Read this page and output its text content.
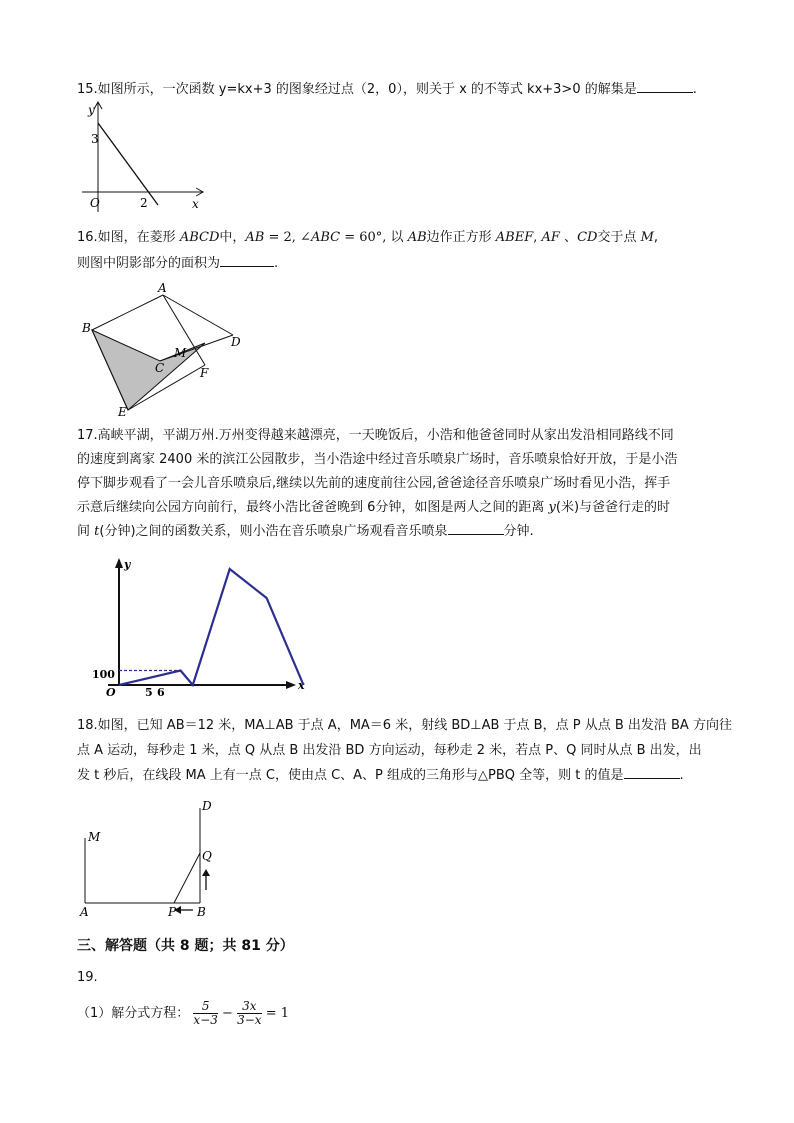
15.如图所示，一次函数 y=kx+3 的图象经过点（2，0），则关于 x 的不等式 kx+3>0 的解集是	.
y
3
O	2	x
16.如图，在菱形 ABCD中，AB = 2, ∠ABC = 60°, 以 AB边作正方形 ABEF, AF 、CD交于点 M,
则图中阴影部分的面积为	.
A
B
C
D
E
F
M
17.高峡平湖，平湖万州.万州变得越来越漂亮，一天晚饭后，小浩和他爸爸同时从家出发沿相同路线不同
的速度到离家 2400 米的滨江公园散步，当小浩途中经过音乐喷泉广场时，音乐喷泉恰好开放，于是小浩
停下脚步观看了一会儿音乐喷泉后,继续以先前的速度前往公园,爸爸途径音乐喷泉广场时看见小浩，挥手
示意后继续向公园方向前行，最终小浩比爸爸晚到 6分钟，如图是两人之间的距离 y(米)与爸爸行走的时
间 t(分钟)之间的函数关系，则小浩在音乐喷泉广场观看音乐喷泉	分钟.
y
x
O
100
5 6
18.如图，已知 AB＝12 米，MA⊥AB 于点 A，MA＝6 米，射线 BD⊥AB 于点 B，点 P 从点 B 出发沿 BA 方向往
点 A 运动，每秒走 1 米，点 Q 从点 B 出发沿 BD 方向运动，每秒走 2 米，若点 P、Q 同时从点 B 出发，出
发 t 秒后，在线段 MA 上有一点 C，使由点 C、A、P 组成的三角形与△PBQ 全等，则 t 的值是	.
M
A	P B
Q
D
三、解答题（共 8 题；共 81 分）
19.
（1）解分式方程： $\frac{5}{x-3} - \frac{3x}{3-x} = 1$
